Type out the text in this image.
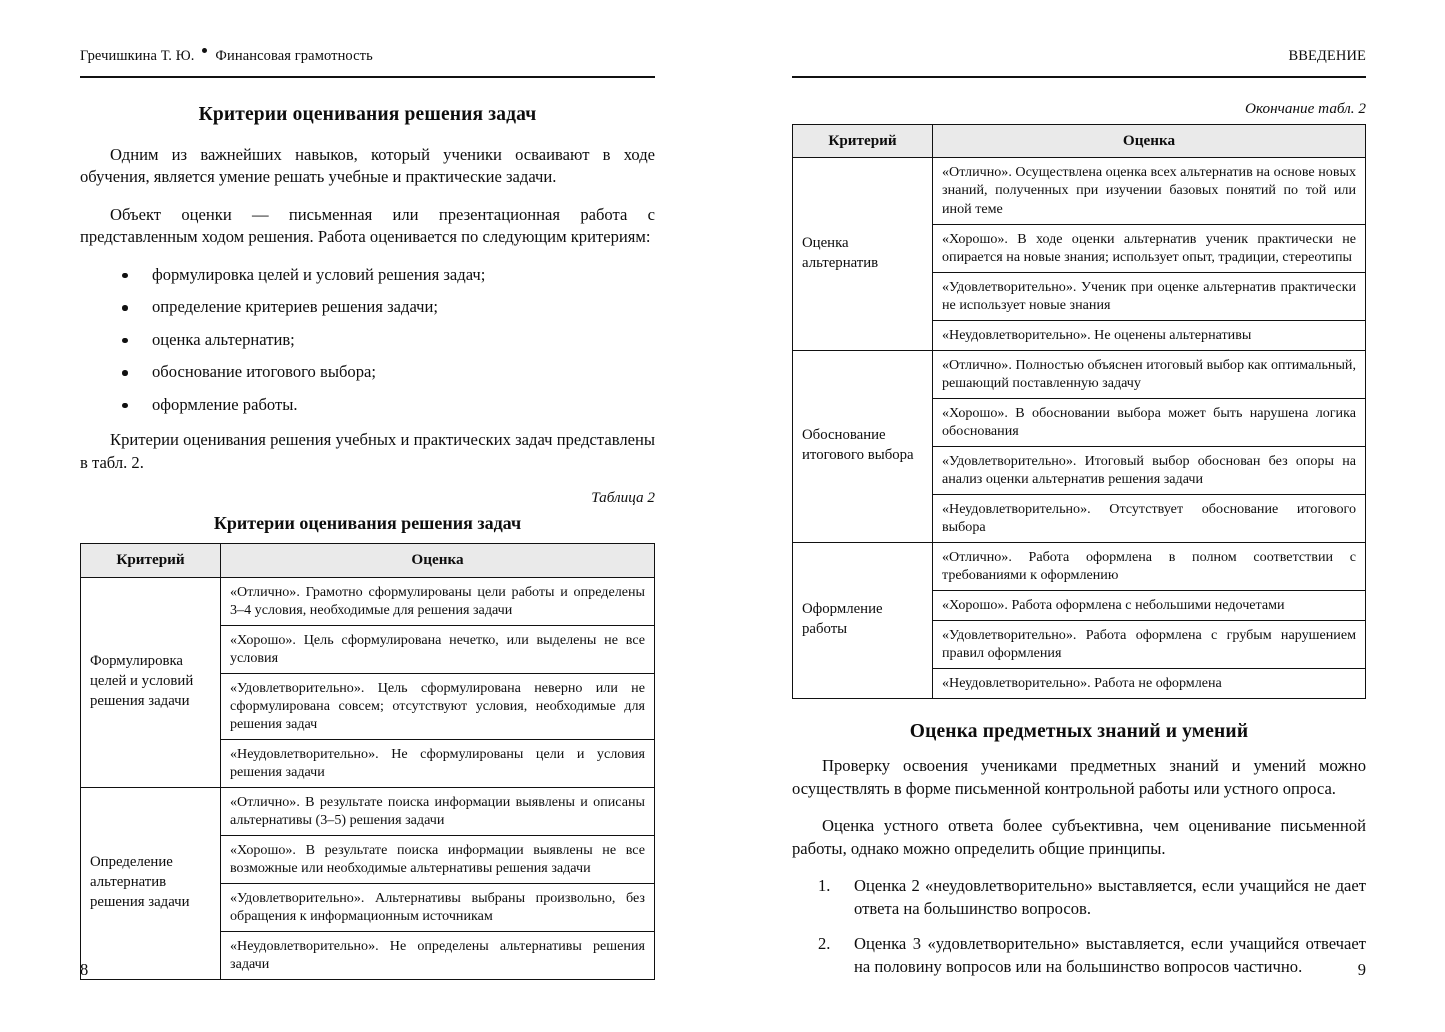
Гречишкина Т. Ю. Финансовая грамотность
Критерии оценивания решения задач

Одним из важнейших навыков, который ученики осваивают в ходе обучения, является умение решать учебные и практические задачи.

Объект оценки — письменная или презентационная работа с представленным ходом решения. Работа оценивается по следующим критериям:

формулировка целей и условий решения задач;
определение критериев решения задачи;
оценка альтернатив;
обоснование итогового выбора;
оформление работы.

Критерии оценивания решения учебных и практических задач представлены в табл. 2.

Таблица 2
Критерии оценивания решения задач
Критерий	Оценка
Формулировка целей и условий решения задачи	«Отлично». Грамотно сформулированы цели работы и определены 3–4 условия, необходимые для решения задачи
	«Хорошо». Цель сформулирована нечетко, или выделены не все условия
	«Удовлетворительно». Цель сформулирована неверно или не сформулирована совсем; отсутствуют условия, необходимые для решения задач
	«Неудовлетворительно». Не сформулированы цели и условия решения задачи
Определение альтернатив решения задачи	«Отлично». В результате поиска информации выявлены и описаны альтернативы (3–5) решения задачи
	«Хорошо». В результате поиска информации выявлены не все возможные или необходимые альтернативы решения задачи
	«Удовлетворительно». Альтернативы выбраны произвольно, без обращения к информационным источникам
	«Неудовлетворительно». Не определены альтернативы решения задачи
8
ВВЕДЕНИЕ
Окончание табл. 2
Критерий	Оценка
Оценка альтернатив	«Отлично». Осуществлена оценка всех альтернатив на основе новых знаний, полученных при изучении базовых понятий по той или иной теме
	«Хорошо». В ходе оценки альтернатив ученик практически не опирается на новые знания; использует опыт, традиции, стереотипы
	«Удовлетворительно». Ученик при оценке альтернатив практически не использует новые знания
	«Неудовлетворительно». Не оценены альтернативы
Обоснование итогового выбора	«Отлично». Полностью объяснен итоговый выбор как оптимальный, решающий поставленную задачу
	«Хорошо». В обосновании выбора может быть нарушена логика обоснования
	«Удовлетворительно». Итоговый выбор обоснован без опоры на анализ оценки альтернатив решения задачи
	«Неудовлетворительно». Отсутствует обоснование итогового выбора
Оформление работы	«Отлично». Работа оформлена в полном соответствии с требованиями к оформлению
	«Хорошо». Работа оформлена с небольшими недочетами
	«Удовлетворительно». Работа оформлена с грубым нарушением правил оформления
	«Неудовлетворительно». Работа не оформлена
Оценка предметных знаний и умений

Проверку освоения учениками предметных знаний и умений можно осуществлять в форме письменной контрольной работы или устного опроса.

Оценка устного ответа более субъективна, чем оценивание письменной работы, однако можно определить общие принципы.

Оценка 2 «неудовлетворительно» выставляется, если учащийся не дает ответа на большинство вопросов.
Оценка 3 «удовлетворительно» выставляется, если учащийся отвечает на половину вопросов или на большинство вопросов частично.	9
